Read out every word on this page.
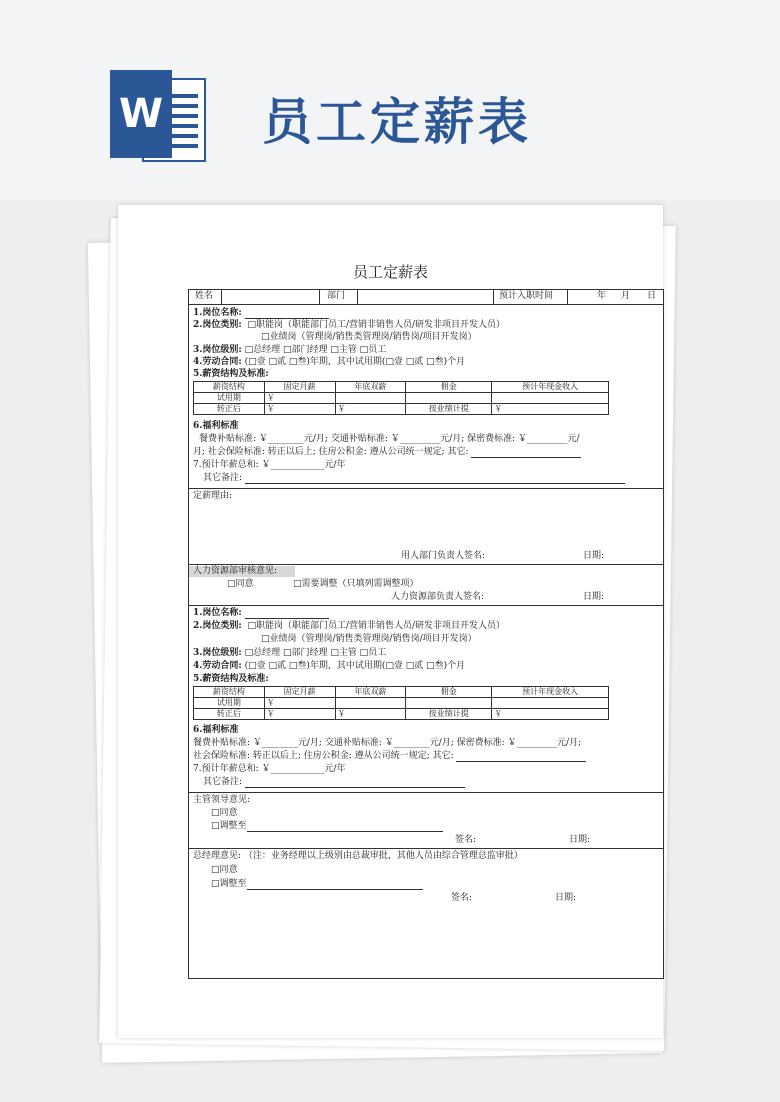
W 员工定薪表
员工定薪表
姓名	部门	预计入职时间	年 月 日
1.岗位名称:
2.岗位类别: □职能岗（职能部门员工/营销非销售人员/研发非项目开发人员）
□业绩岗（管理岗/销售类管理岗/销售岗/项目开发岗）
3.岗位级别: □总经理 □部门经理 □主管 □员工
4.劳动合同: (□壹 □贰 □叁)年期，其中试用期(□壹 □贰 □叁)个月
5.薪资结构及标准:
薪资结构	固定月薪	年底双薪	佣金	预计年现金收入
试用期	￥			
转正后	￥	￥	按业绩计提	￥
6.福利标准
餐费补贴标准: ￥________元/月; 交通补贴标准: ￥_________元/月; 保密费标准: ￥_________元/
月; 社会保险标准: 转正以后上; 住房公积金: 遵从公司统一规定; 其它:
7.预计年薪总和: ￥____________元/年
其它备注:
定薪理由:
用人部门负责人签名:	日期:
人力资源部审核意见:
□同意	□需要调整（只填列需调整项）
人力资源部负责人签名:	日期:
1.岗位名称:
2.岗位类别: □职能岗（职能部门员工/营销非销售人员/研发非项目开发人员）
□业绩岗（管理岗/销售类管理岗/销售岗/项目开发岗）
3.岗位级别: □总经理 □部门经理 □主管 □员工
4.劳动合同: (□壹 □贰 □叁)年期，其中试用期(□壹 □贰 □叁)个月
5.薪资结构及标准:
薪资结构	固定月薪	年底双薪	佣金	预计年现金收入
试用期	￥			
转正后	￥	￥	按业绩计提	￥
6.福利标准
餐费补贴标准: ￥________元/月; 交通补贴标准: ￥________元/月; 保密费标准: ￥_________元/月;
社会保险标准: 转正以后上; 住房公积金: 遵从公司统一规定; 其它:
7.预计年薪总和: ￥____________元/年
其它备注:
主管领导意见:
□同意
□调整至
签名:	日期:
总经理意见: （注：业务经理以上级别由总裁审批，其他人员由综合管理总监审批）
□同意
□调整至
签名:	日期:
